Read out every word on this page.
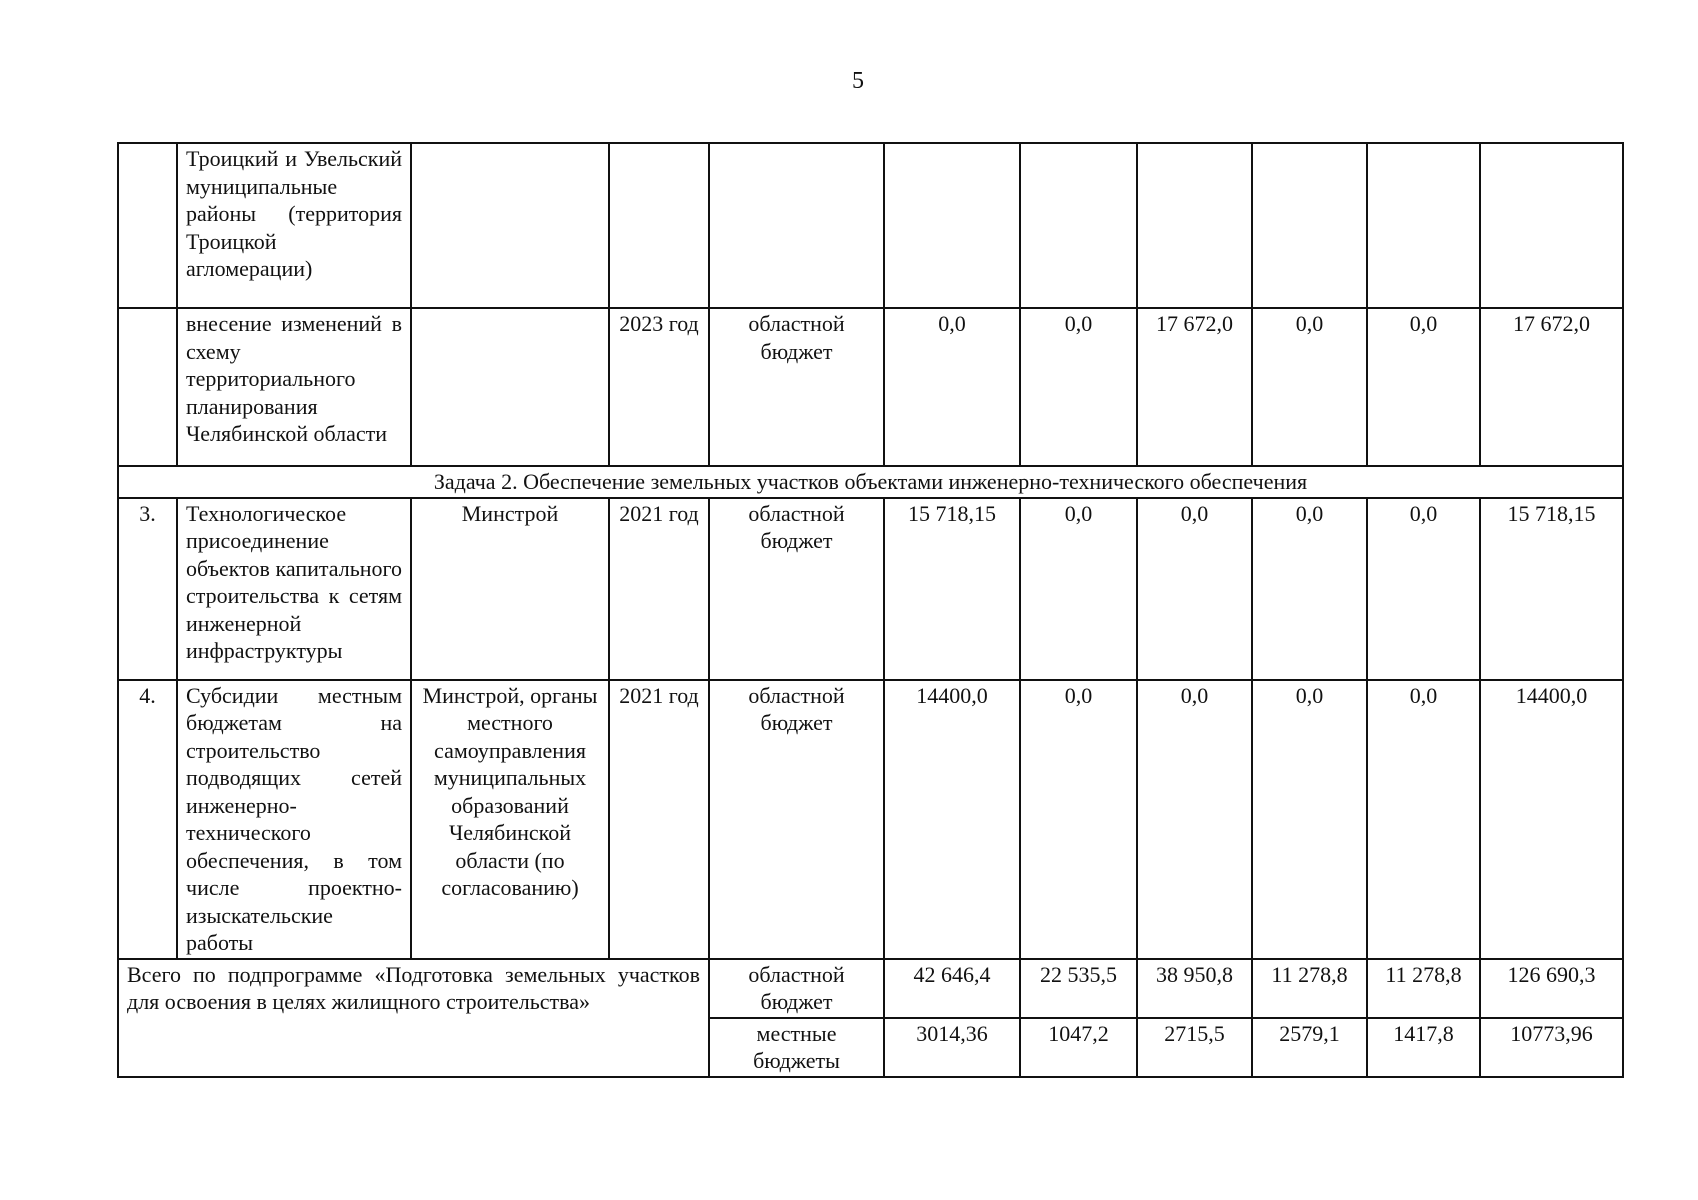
5
	Троицкий и Увельский муниципальные районы (территория Троицкой агломерации)									
	внесение изменений в схему территориального планирования Челябинской области		2023 год	областной бюджет	0,0	0,0	17 672,0	0,0	0,0	17 672,0
Задача 2. Обеспечение земельных участков объектами инженерно-технического обеспечения										
3.	Технологическое присоединение объектов капитального строительства к сетям инженерной инфраструктуры	Минстрой	2021 год	областной бюджет	15 718,15	0,0	0,0	0,0	0,0	15 718,15
4.	Субсидии местным бюджетам на строительство подводящих сетей инженерно-технического обеспечения, в том числе проектно-изыскательские работы	Минстрой, органы местного самоуправления муниципальных образований Челябинской области (по согласованию)	2021 год	областной бюджет	14400,0	0,0	0,0	0,0	0,0	14400,0
Всего по подпрограмме «Подготовка земельных участков для освоения в целях жилищного строительства»				областной бюджет	42 646,4	22 535,5	38 950,8	11 278,8	11 278,8	126 690,3
				местные бюджеты	3014,36	1047,2	2715,5	2579,1	1417,8	10773,96
